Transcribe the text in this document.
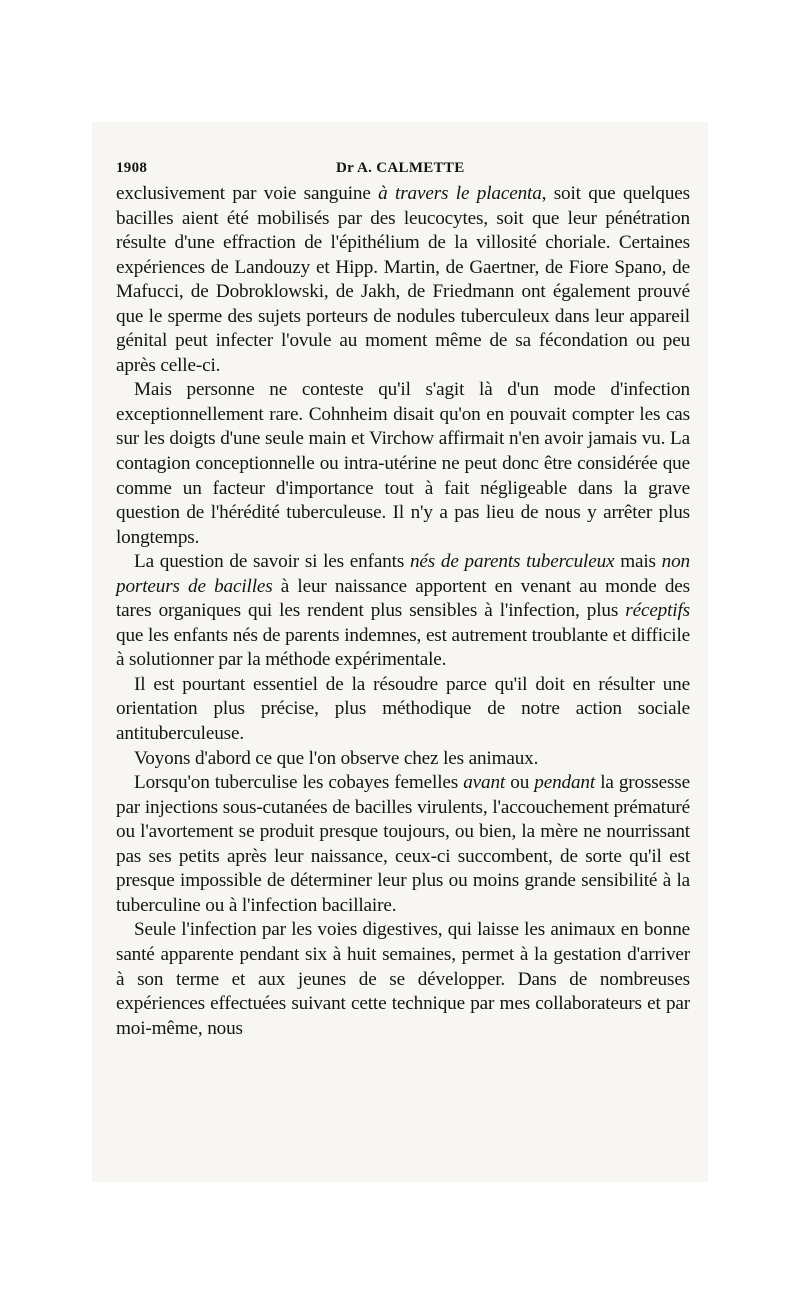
1908	Dr A. CALMETTE

exclusivement par voie sanguine à travers le placenta, soit que quelques bacilles aient été mobilisés par des leucocytes, soit que leur pénétration résulte d'une effraction de l'épithélium de la villosité choriale. Certaines expériences de Landouzy et Hipp. Martin, de Gaertner, de Fiore Spano, de Mafucci, de Dobroklowski, de Jakh, de Friedmann ont également prouvé que le sperme des sujets porteurs de nodules tuberculeux dans leur appareil génital peut infecter l'ovule au moment même de sa fécondation ou peu après celle-ci.

Mais personne ne conteste qu'il s'agit là d'un mode d'infection exceptionnellement rare. Cohnheim disait qu'on en pouvait compter les cas sur les doigts d'une seule main et Virchow affirmait n'en avoir jamais vu. La contagion conceptionnelle ou intra-utérine ne peut donc être considérée que comme un facteur d'importance tout à fait négligeable dans la grave question de l'hérédité tuberculeuse. Il n'y a pas lieu de nous y arrêter plus longtemps.

La question de savoir si les enfants nés de parents tuberculeux mais non porteurs de bacilles à leur naissance apportent en venant au monde des tares organiques qui les rendent plus sensibles à l'infection, plus réceptifs que les enfants nés de parents indemnes, est autrement troublante et difficile à solutionner par la méthode expérimentale.

Il est pourtant essentiel de la résoudre parce qu'il doit en résulter une orientation plus précise, plus méthodique de notre action sociale antituberculeuse.

Voyons d'abord ce que l'on observe chez les animaux.

Lorsqu'on tuberculise les cobayes femelles avant ou pendant la grossesse par injections sous-cutanées de bacilles virulents, l'accouchement prématuré ou l'avortement se produit presque toujours, ou bien, la mère ne nourrissant pas ses petits après leur naissance, ceux-ci succombent, de sorte qu'il est presque impossible de déterminer leur plus ou moins grande sensibilité à la tuberculine ou à l'infection bacillaire.

Seule l'infection par les voies digestives, qui laisse les animaux en bonne santé apparente pendant six à huit semaines, permet à la gestation d'arriver à son terme et aux jeunes de se développer. Dans de nombreuses expériences effectuées suivant cette technique par mes collaborateurs et par moi-même, nous
